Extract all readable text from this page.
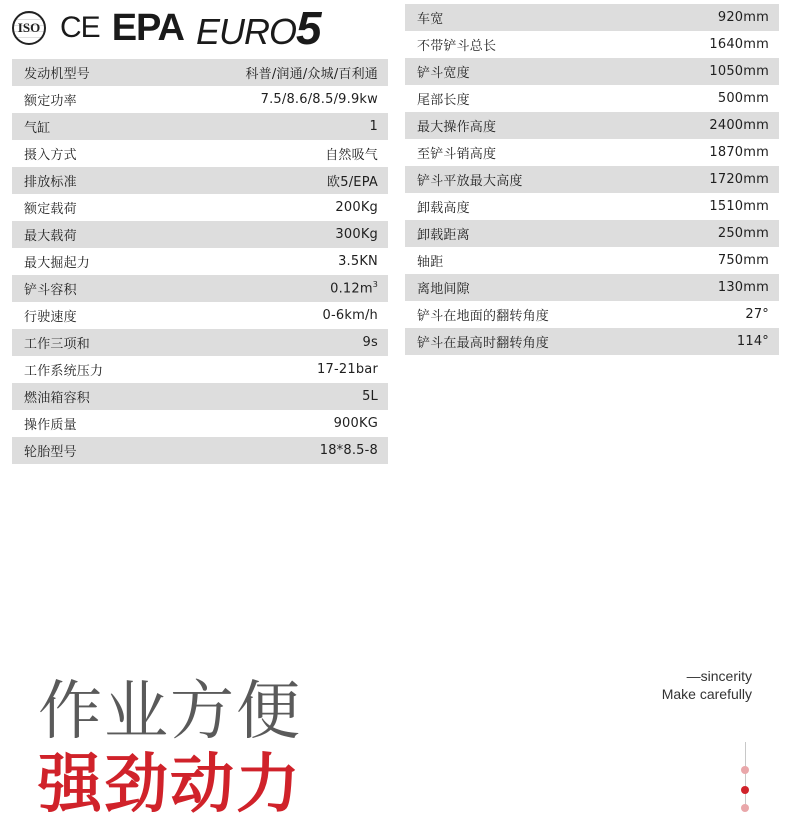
ISO CE EPA EURO5
发动机型号	科普/润通/众城/百利通
额定功率	7.5/8.6/8.5/9.9kw
气缸	1
摄入方式	自然吸气
排放标准	欧5/EPA
额定载荷	200Kg
最大载荷	300Kg
最大掘起力	3.5KN
铲斗容积	$0.12m^3$
行驶速度	0-6km/h
工作三项和	9s
工作系统压力	17-21bar
燃油箱容积	5L
操作质量	900KG
轮胎型号	18*8.5-8
车宽	920mm
不带铲斗总长	1640mm
铲斗宽度	1050mm
尾部长度	500mm
最大操作高度	2400mm
至铲斗销高度	1870mm
铲斗平放最大高度	1720mm
卸载高度	1510mm
卸载距离	250mm
轴距	750mm
离地间隙	130mm
铲斗在地面的翻转角度	27°
铲斗在最高时翻转角度	114°
作业方便
强劲动力
—sincerity
Make carefully
